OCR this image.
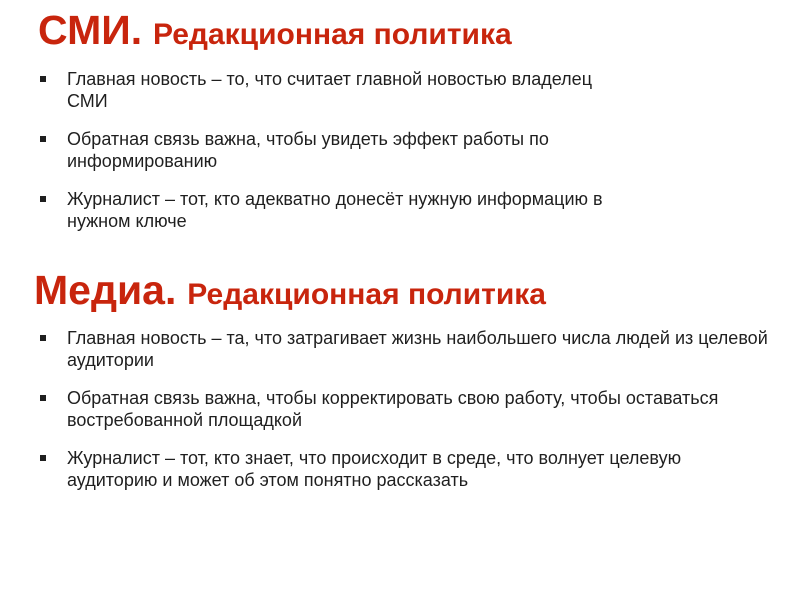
СМИ. Редакционная политика
Главная новость – то, что считает главной новостью владелец СМИ
Обратная связь важна, чтобы увидеть эффект работы по информированию
Журналист – тот, кто адекватно донесёт нужную информацию в нужном ключе
Медиа. Редакционная политика
Главная новость – та, что затрагивает жизнь наибольшего числа людей из целевой аудитории
Обратная связь важна, чтобы корректировать свою работу, чтобы оставаться востребованной площадкой
Журналист – тот, кто знает, что происходит в среде, что волнует целевую аудиторию и может об этом понятно рассказать
